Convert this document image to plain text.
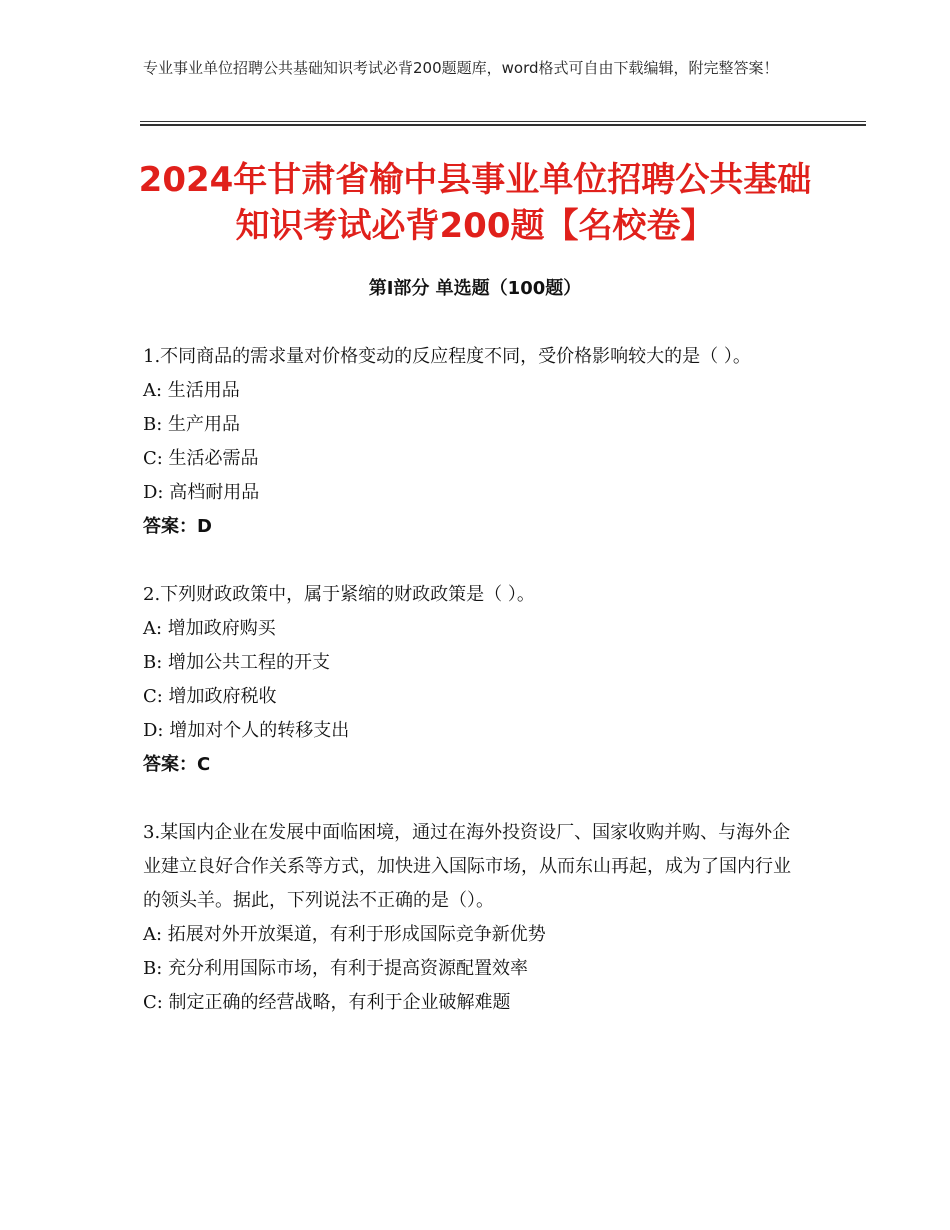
专业事业单位招聘公共基础知识考试必背200题题库，word格式可自由下载编辑，附完整答案！
2024年甘肃省榆中县事业单位招聘公共基础
知识考试必背200题【名校卷】
第Ⅰ部分 单选题（100题）

1.不同商品的需求量对价格变动的反应程度不同，受价格影响较大的是（ ）。

A: 生活用品

B: 生产用品

C: 生活必需品

D: 高档耐用品

答案：D

2.下列财政政策中，属于紧缩的财政政策是（ ）。

A: 增加政府购买

B: 增加公共工程的开支

C: 增加政府税收

D: 增加对个人的转移支出

答案：C

3.某国内企业在发展中面临困境，通过在海外投资设厂、国家收购并购、与海外企业建立良好合作关系等方式，加快进入国际市场，从而东山再起，成为了国内行业的领头羊。据此，下列说法不正确的是（）。

A: 拓展对外开放渠道，有利于形成国际竞争新优势

B: 充分利用国际市场，有利于提高资源配置效率

C: 制定正确的经营战略，有利于企业破解难题
